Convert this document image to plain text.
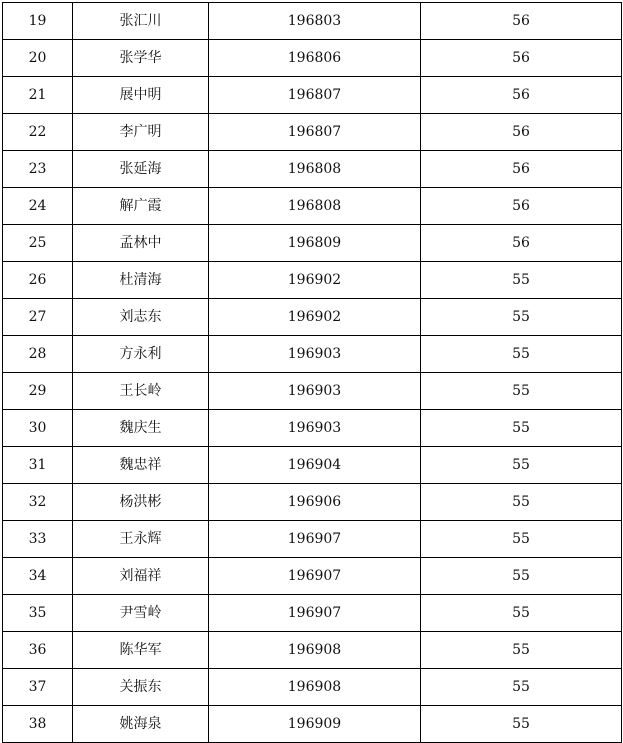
19	张汇川	196803	56
20	张学华	196806	56
21	展中明	196807	56
22	李广明	196807	56
23	张延海	196808	56
24	解广霞	196808	56
25	孟林中	196809	56
26	杜清海	196902	55
27	刘志东	196902	55
28	方永利	196903	55
29	王长岭	196903	55
30	魏庆生	196903	55
31	魏忠祥	196904	55
32	杨洪彬	196906	55
33	王永辉	196907	55
34	刘福祥	196907	55
35	尹雪岭	196907	55
36	陈华军	196908	55
37	关振东	196908	55
38	姚海泉	196909	55
